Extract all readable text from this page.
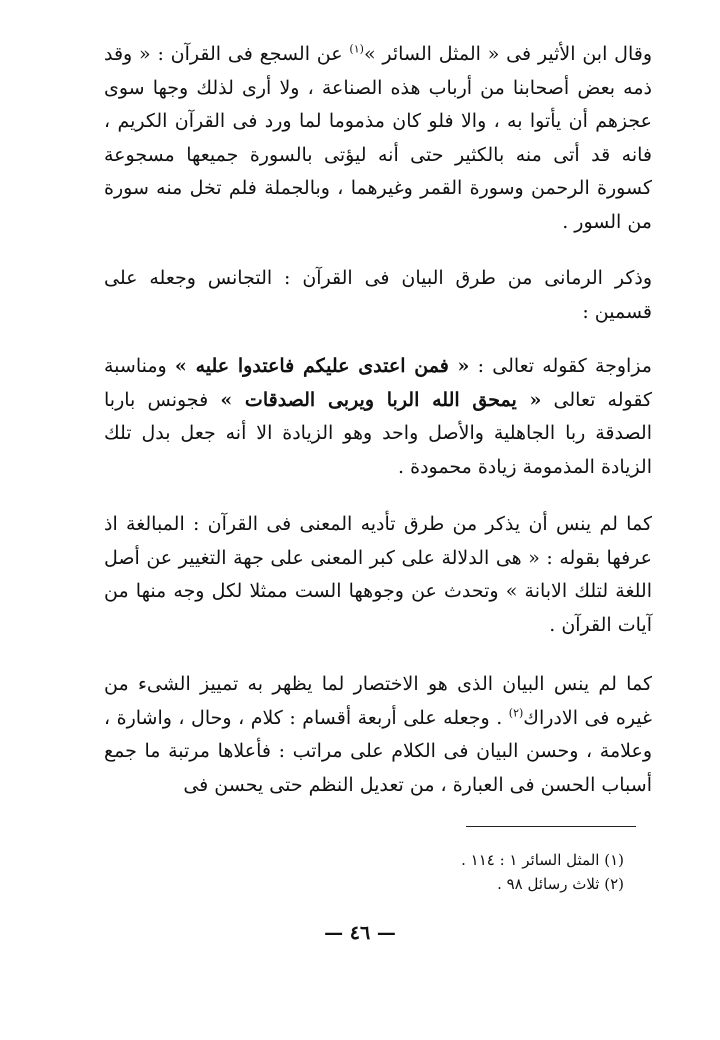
وقال ابن الأثير فى « المثل السائر »$^{(١)}$ عن السجع فى القرآن : « وقد ذمه بعض أصحابنا من أرباب هذه الصناعة ، ولا أرى لذلك وجها سوى عجزهم أن يأتوا به ، والا فلو كان مذموما لما ورد فى القرآن الكريم ، فانه قد أتى منه بالكثير حتى أنه ليؤتى بالسورة جميعها مسجوعة كسورة الرحمن وسورة القمر وغيرهما ، وبالجملة فلم تخل منه سورة من السور .
وذكر الرمانى من طرق البيان فى القرآن : التجانس وجعله على قسمين :
مزاوجة كقوله تعالى : « فمن اعتدى عليكم فاعتدوا عليه » ومناسبة كقوله تعالى « يمحق الله الربا ويربى الصدقات » فجونس باربا الصدقة ربا الجاهلية والأصل واحد وهو الزيادة الا أنه جعل بدل تلك الزيادة المذمومة زيادة محمودة .
كما لم ينس أن يذكر من طرق تأديه المعنى فى القرآن : المبالغة اذ عرفها بقوله : « هى الدلالة على كبر المعنى على جهة التغيير عن أصل اللغة لتلك الابانة » وتحدث عن وجوهها الست ممثلا لكل وجه منها من آيات القرآن .
كما لم ينس البيان الذى هو الاختصار لما يظهر به تمييز الشىء من غيره فى الادراك$^{(٢)}$ . وجعله على أربعة أقسام : كلام ، وحال ، واشارة ، وعلامة ، وحسن البيان فى الكلام على مراتب : فأعلاها مرتبة ما جمع أسباب الحسن فى العبارة ، من تعديل النظم حتى يحسن فى
(١) المثل السائر ١ : ١١٤ .
(٢) ثلاث رسائل ٩٨ .
— ٤٦ —
